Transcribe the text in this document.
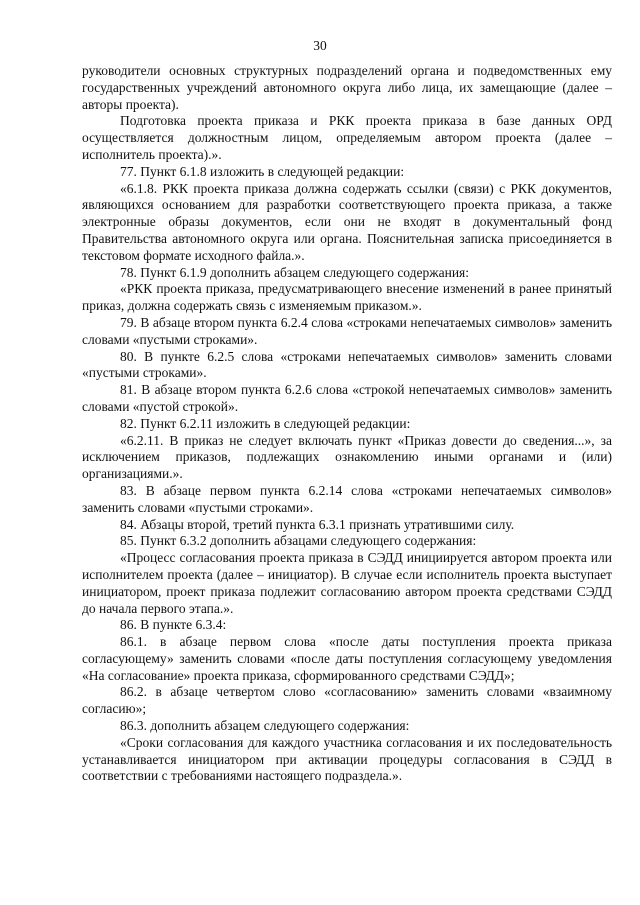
30

руководители основных структурных подразделений органа и подведомственных ему государственных учреждений автономного округа либо лица, их замещающие (далее – авторы проекта).

Подготовка проекта приказа и РКК проекта приказа в базе данных ОРД осуществляется должностным лицом, определяемым автором проекта (далее – исполнитель проекта).».

77. Пункт 6.1.8 изложить в следующей редакции:

«6.1.8. РКК проекта приказа должна содержать ссылки (связи) с РКК документов, являющихся основанием для разработки соответствующего проекта приказа, а также электронные образы документов, если они не входят в документальный фонд Правительства автономного округа или органа. Пояснительная записка присоединяется в текстовом формате исходного файла.».

78. Пункт 6.1.9 дополнить абзацем следующего содержания:

«РКК проекта приказа, предусматривающего внесение изменений в ранее принятый приказ, должна содержать связь с изменяемым приказом.».

79. В абзаце втором пункта 6.2.4 слова «строками непечатаемых символов» заменить словами «пустыми строками».

80. В пункте 6.2.5 слова «строками непечатаемых символов» заменить словами «пустыми строками».

81. В абзаце втором пункта 6.2.6 слова «строкой непечатаемых символов» заменить словами «пустой строкой».

82. Пункт 6.2.11 изложить в следующей редакции:

«6.2.11. В приказ не следует включать пункт «Приказ довести до сведения...», за исключением приказов, подлежащих ознакомлению иными органами и (или) организациями.».

83. В абзаце первом пункта 6.2.14 слова «строками непечатаемых символов» заменить словами «пустыми строками».

84. Абзацы второй, третий пункта 6.3.1 признать утратившими силу.

85. Пункт 6.3.2 дополнить абзацами следующего содержания:

«Процесс согласования проекта приказа в СЭДД инициируется автором проекта или исполнителем проекта (далее – инициатор). В случае если исполнитель проекта выступает инициатором, проект приказа подлежит согласованию автором проекта средствами СЭДД до начала первого этапа.».

86. В пункте 6.3.4:

86.1. в абзаце первом слова «после даты поступления проекта приказа согласующему» заменить словами «после даты поступления согласующему уведомления «На согласование» проекта приказа, сформированного средствами СЭДД»;

86.2. в абзаце четвертом слово «согласованию» заменить словами «взаимному согласию»;

86.3. дополнить абзацем следующего содержания:

«Сроки согласования для каждого участника согласования и их последовательность устанавливается инициатором при активации процедуры согласования в СЭДД в соответствии с требованиями настоящего подраздела.».
